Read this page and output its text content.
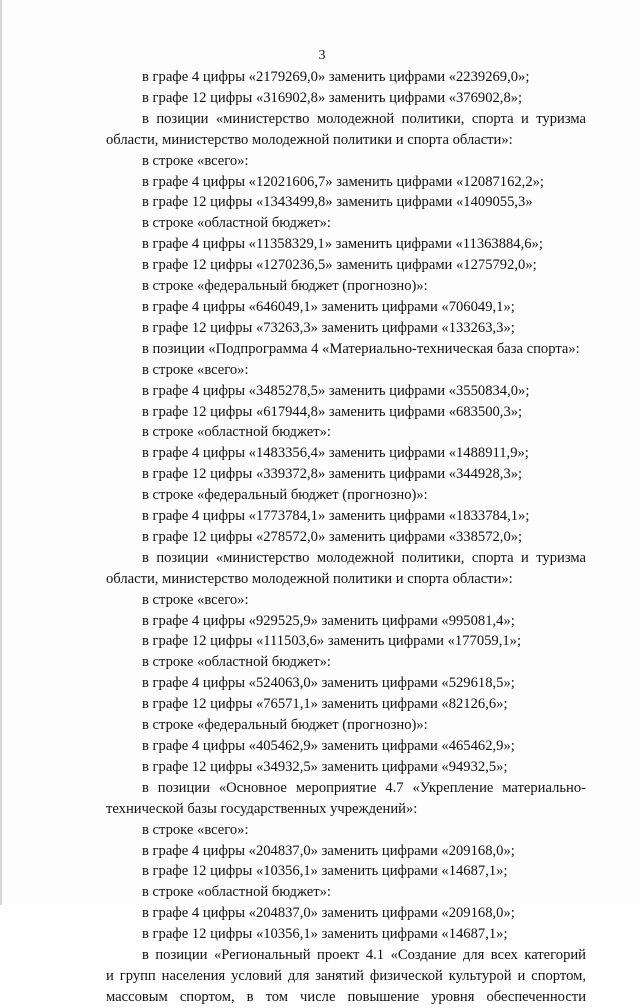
3
в графе 4 цифры «2179269,0» заменить цифрами «2239269,0»;
в графе 12 цифры «316902,8» заменить цифрами «376902,8»;
в позиции «министерство молодежной политики, спорта и туризма
области, министерство молодежной политики и спорта области»:
в строке «всего»:
в графе 4 цифры «12021606,7» заменить цифрами «12087162,2»;
в графе 12 цифры «1343499,8» заменить цифрами «1409055,3»
в строке «областной бюджет»:
в графе 4 цифры «11358329,1» заменить цифрами «11363884,6»;
в графе 12 цифры «1270236,5» заменить цифрами «1275792,0»;
в строке «федеральный бюджет (прогнозно)»:
в графе 4 цифры «646049,1» заменить цифрами «706049,1»;
в графе 12 цифры «73263,3» заменить цифрами «133263,3»;
в позиции «Подпрограмма 4 «Материально-техническая база спорта»:
в строке «всего»:
в графе 4 цифры «3485278,5» заменить цифрами «3550834,0»;
в графе 12 цифры «617944,8» заменить цифрами «683500,3»;
в строке «областной бюджет»:
в графе 4 цифры «1483356,4» заменить цифрами «1488911,9»;
в графе 12 цифры «339372,8» заменить цифрами «344928,3»;
в строке «федеральный бюджет (прогнозно)»:
в графе 4 цифры «1773784,1» заменить цифрами «1833784,1»;
в графе 12 цифры «278572,0» заменить цифрами «338572,0»;
в позиции «министерство молодежной политики, спорта и туризма
области, министерство молодежной политики и спорта области»:
в строке «всего»:
в графе 4 цифры «929525,9» заменить цифрами «995081,4»;
в графе 12 цифры «111503,6» заменить цифрами «177059,1»;
в строке «областной бюджет»:
в графе 4 цифры «524063,0» заменить цифрами «529618,5»;
в графе 12 цифры «76571,1» заменить цифрами «82126,6»;
в строке «федеральный бюджет (прогнозно)»:
в графе 4 цифры «405462,9» заменить цифрами «465462,9»;
в графе 12 цифры «34932,5» заменить цифрами «94932,5»;
в позиции «Основное мероприятие 4.7 «Укрепление материально-
технической базы государственных учреждений»:
в строке «всего»:
в графе 4 цифры «204837,0» заменить цифрами «209168,0»;
в графе 12 цифры «10356,1» заменить цифрами «14687,1»;
в строке «областной бюджет»:
в графе 4 цифры «204837,0» заменить цифрами «209168,0»;
в графе 12 цифры «10356,1» заменить цифрами «14687,1»;
в позиции «Региональный проект 4.1 «Создание для всех категорий
и групп населения условий для занятий физической культурой и спортом,
массовым спортом, в том числе повышение уровня обеспеченности
